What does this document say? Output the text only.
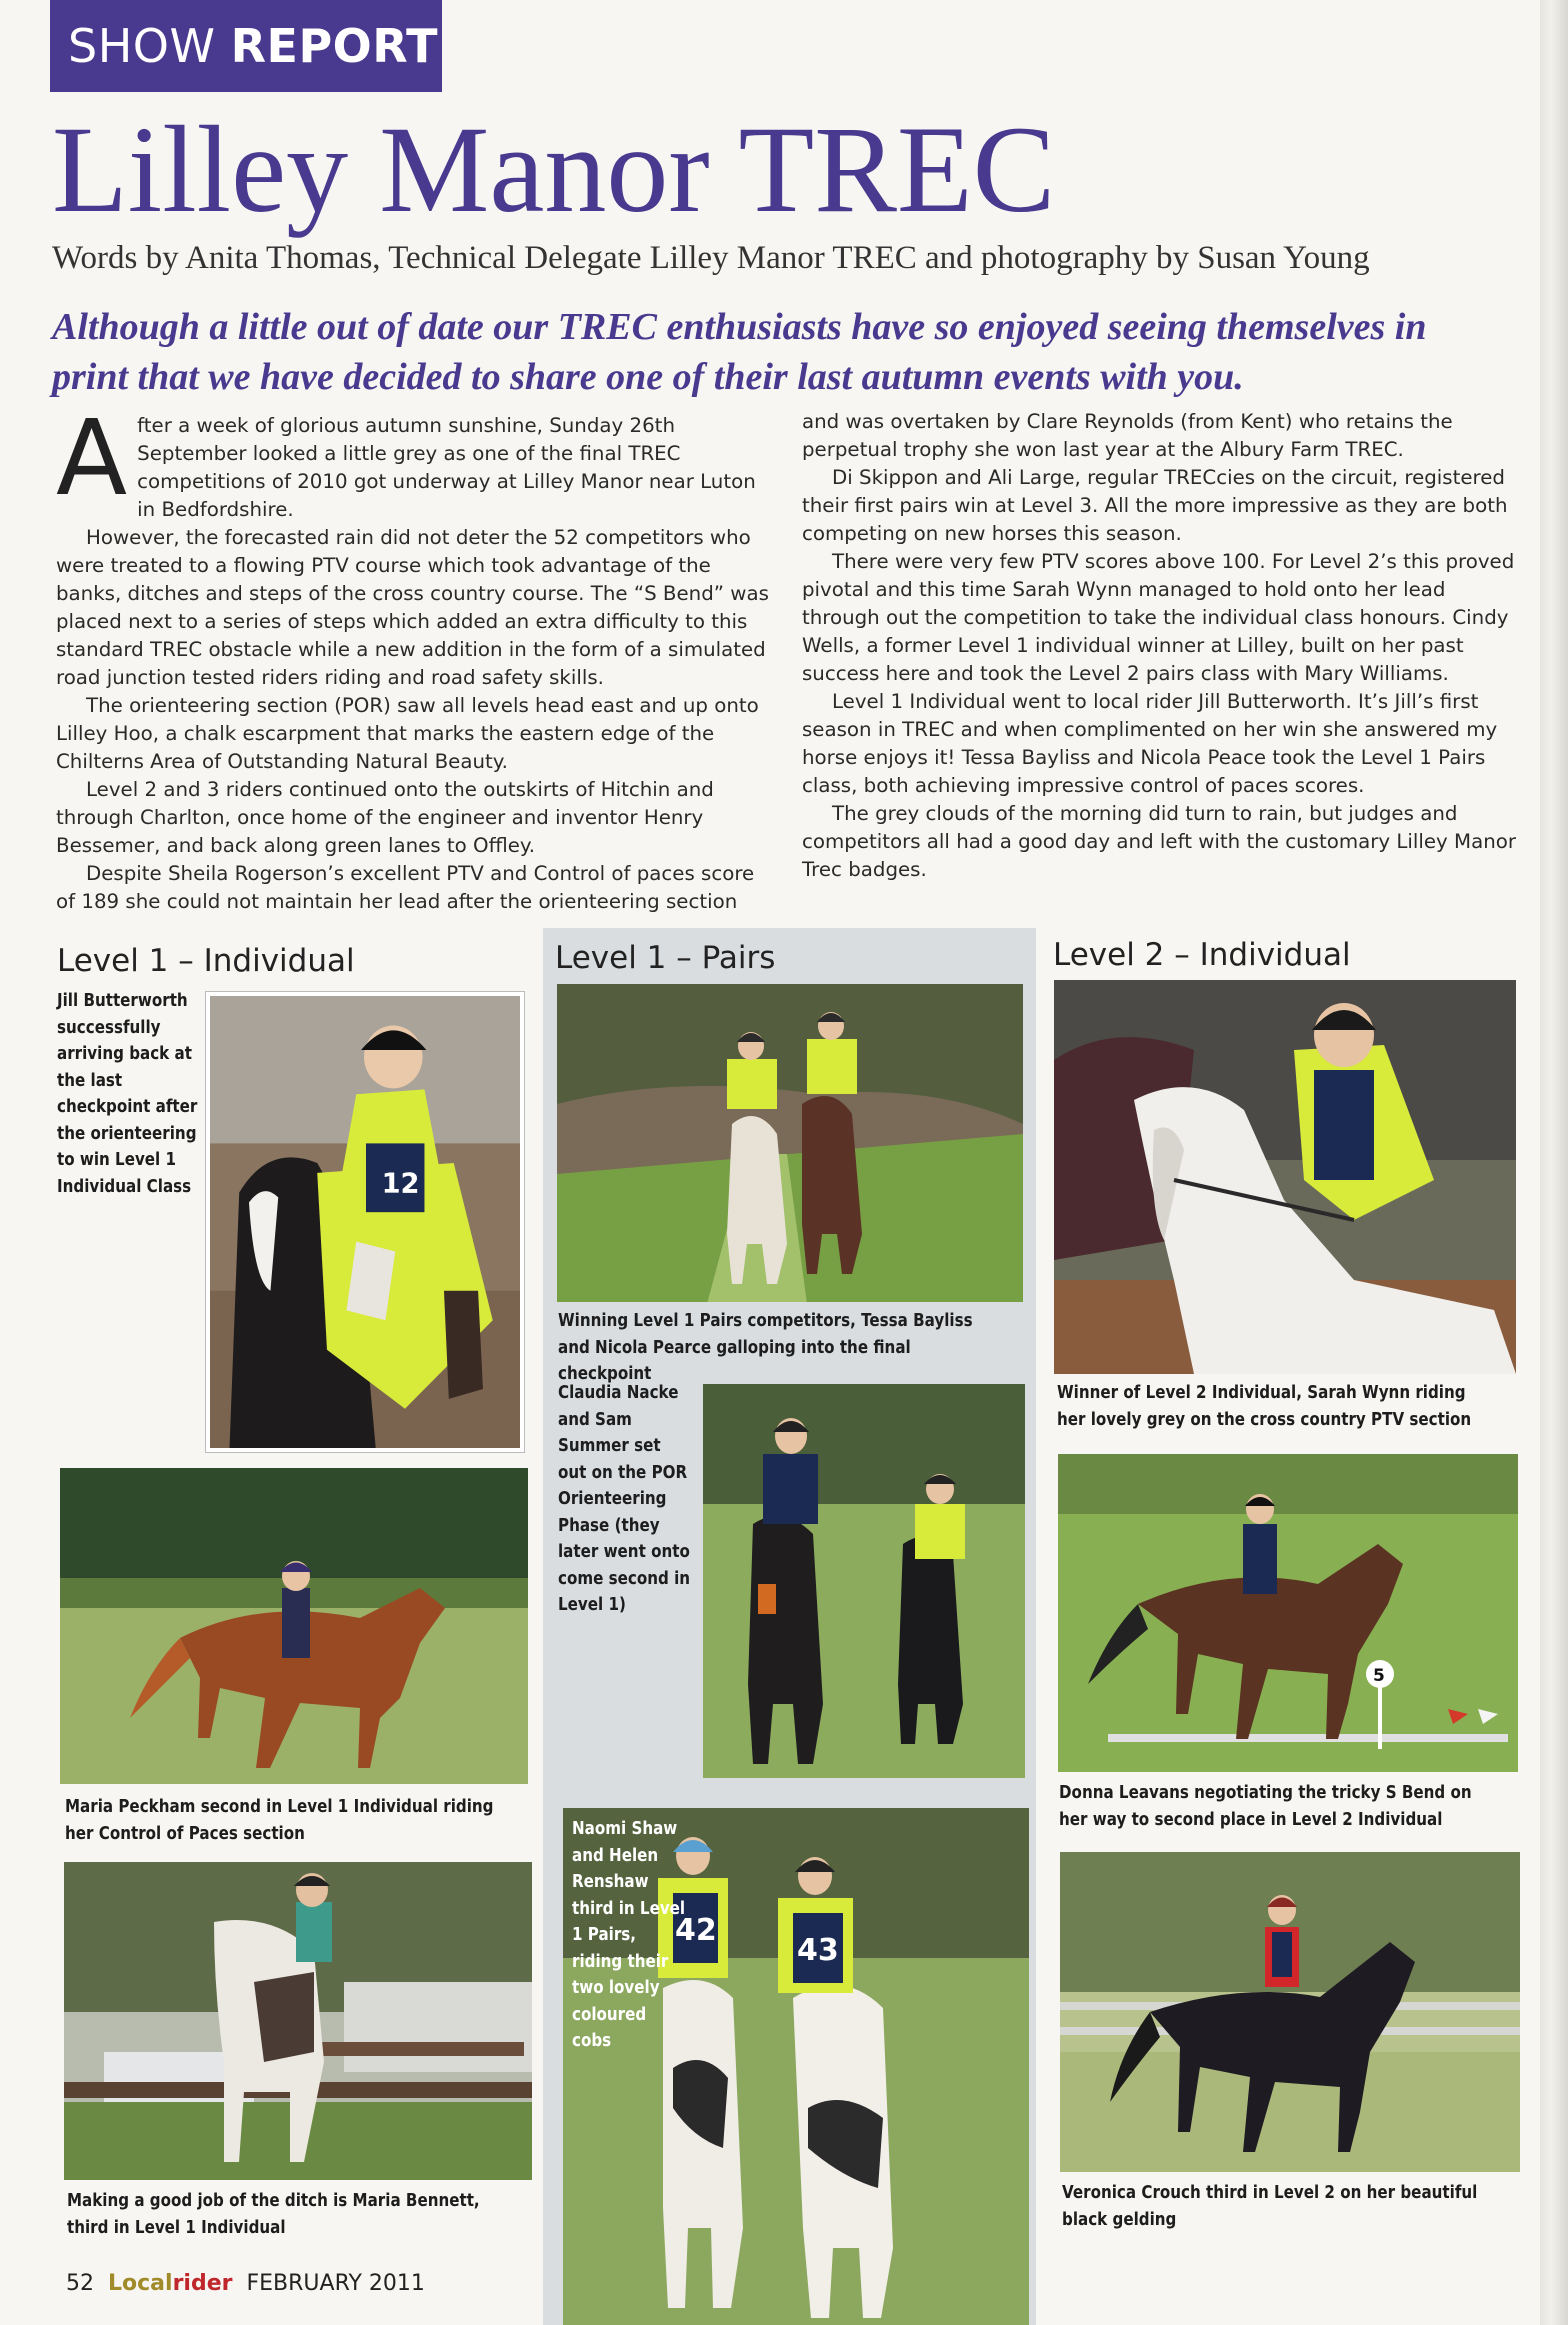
SHOW REPORT
Lilley Manor TREC
Words by Anita Thomas, Technical Delegate Lilley Manor TREC and photography by Susan Young
Although a little out of date our TREC enthusiasts have so enjoyed seeing themselves in print that we have decided to share one of their last autumn events with you.

After a week of glorious autumn sunshine, Sunday 26th September looked a little grey as one of the final TREC competitions of 2010 got underway at Lilley Manor near Luton in Bedfordshire.

However, the forecasted rain did not deter the 52 competitors who were treated to a flowing PTV course which took advantage of the banks, ditches and steps of the cross country course. The “S Bend” was placed next to a series of steps which added an extra difficulty to this standard TREC obstacle while a new addition in the form of a simulated road junction tested riders riding and road safety skills.

The orienteering section (POR) saw all levels head east and up onto Lilley Hoo, a chalk escarpment that marks the eastern edge of the Chilterns Area of Outstanding Natural Beauty.

Level 2 and 3 riders continued onto the outskirts of Hitchin and through Charlton, once home of the engineer and inventor Henry Bessemer, and back along green lanes to Offley.

Despite Sheila Rogerson’s excellent PTV and Control of paces score of 189 she could not maintain her lead after the orienteering section

and was overtaken by Clare Reynolds (from Kent) who retains the perpetual trophy she won last year at the Albury Farm TREC.

Di Skippon and Ali Large, regular TRECcies on the circuit, registered their first pairs win at Level 3. All the more impressive as they are both competing on new horses this season.

There were very few PTV scores above 100. For Level 2’s this proved pivotal and this time Sarah Wynn managed to hold onto her lead through out the competition to take the individual class honours. Cindy Wells, a former Level 1 individual winner at Lilley, built on her past success here and took the Level 2 pairs class with Mary Williams.

Level 1 Individual went to local rider Jill Butterworth. It’s Jill’s first season in TREC and when complimented on her win she answered my horse enjoys it! Tessa Bayliss and Nicola Peace took the Level 1 Pairs class, both achieving impressive control of paces scores.

The grey clouds of the morning did turn to rain, but judges and competitors all had a good day and left with the customary Lilley Manor Trec badges.

Level 1 – Individual	Level 1 – Pairs	Level 2 – Individual
Jill Butterworth successfully arriving back at the last checkpoint after the orienteering to win Level 1 Individual Class	12
Maria Peckham second in Level 1 Individual riding her Control of Paces section
Making a good job of the ditch is Maria Bennett, third in Level 1 Individual
Winning Level 1 Pairs competitors, Tessa Bayliss and Nicola Pearce galloping into the final checkpoint
Claudia Nacke and Sam Summer set out on the POR Orienteering Phase (they later went onto come second in Level 1)
42
43
Naomi Shaw and Helen Renshaw third in Level 1 Pairs, riding their two lovely coloured cobs
Winner of Level 2 Individual, Sarah Wynn riding her lovely grey on the cross country PTV section
5
Donna Leavans negotiating the tricky S Bend on her way to second place in Level 2 Individual
Veronica Crouch third in Level 2 on her beautiful black gelding
52 Localrider FEBRUARY 2011
